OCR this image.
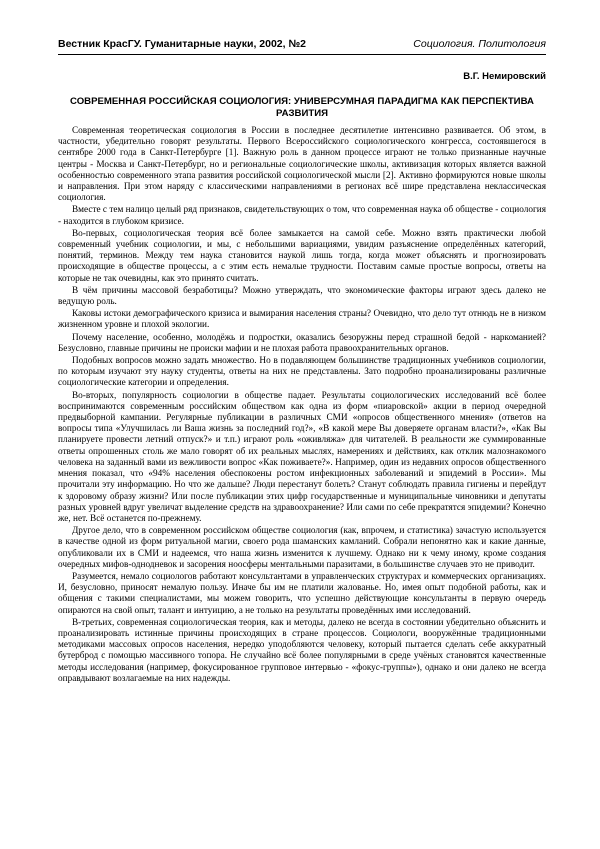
Вестник КрасГУ. Гуманитарные науки, 2002, №2	Социология. Политология
В.Г. Немировский
СОВРЕМЕННАЯ РОССИЙСКАЯ СОЦИОЛОГИЯ: УНИВЕРСУМНАЯ ПАРАДИГМА КАК ПЕРСПЕКТИВА РАЗВИТИЯ

Современная теоретическая социология в России в последнее десятилетие интенсивно развивается. Об этом, в частности, убедительно говорят результаты. Первого Всероссийского социологического конгресса, состоявшегося в сентябре 2000 года в Санкт-Петербурге [1]. Важную роль в данном процессе играют не только признанные научные центры - Москва и Санкт-Петербург, но и региональные социологические школы, активизация которых является важной особенностью современного этапа развития российской социологической мысли [2]. Активно формируются новые школы и направления. При этом наряду с классическими направлениями в регионах всё шире представлена неклассическая социология.

Вместе с тем налицо целый ряд признаков, свидетельствующих о том, что современная наука об обществе - социология - находится в глубоком кризисе.

Во-первых, социологическая теория всё более замыкается на самой себе. Можно взять практически любой современный учебник социологии, и мы, с небольшими вариациями, увидим разъяснение определённых категорий, понятий, терминов. Между тем наука становится наукой лишь тогда, когда может объяснять и прогнозировать происходящие в обществе процессы, а с этим есть немалые трудности. Поставим самые простые вопросы, ответы на которые не так очевидны, как это принято считать.

В чём причины массовой безработицы? Можно утверждать, что экономические факторы играют здесь далеко не ведущую роль.

Каковы истоки демографического кризиса и вымирания населения страны? Очевидно, что дело тут отнюдь не в низком жизненном уровне и плохой экологии.

Почему население, особенно, молодёжь и подростки, оказались безоружны перед страшной бедой - наркоманией? Безусловно, главные причины не происки мафии и не плохая работа правоохранительных органов.

Подобных вопросов можно задать множество. Но в подавляющем большинстве традиционных учебников социологии, по которым изучают эту науку студенты, ответы на них не представлены. Зато подробно проанализированы различные социологические категории и определения.

Во-вторых, популярность социологии в обществе падает. Результаты социологических исследований всё более воспринимаются современным российским обществом как одна из форм «пиаровской» акции в период очередной предвыборной кампании. Регулярные публикации в различных СМИ «опросов общественного мнения» (ответов на вопросы типа «Улучшилась ли Ваша жизнь за последний год?», «В какой мере Вы доверяете органам власти?», «Как Вы планируете провести летний отпуск?» и т.п.) играют роль «оживляжа» для читателей. В реальности же суммированные ответы опрошенных столь же мало говорят об их реальных мыслях, намерениях и действиях, как отклик малознакомого человека на заданный вами из вежливости вопрос «Как поживаете?». Например, один из недавних опросов общественного мнения показал, что «94% населения обеспокоены ростом инфекционных заболеваний и эпидемий в России». Мы прочитали эту информацию. Но что же дальше? Люди перестанут болеть? Станут соблюдать правила гигиены и перейдут к здоровому образу жизни? Или после публикации этих цифр государственные и муниципальные чиновники и депутаты разных уровней вдруг увеличат выделение средств на здравоохранение? Или сами по себе прекратятся эпидемии? Конечно же, нет. Всё останется по-прежнему.

Другое дело, что в современном российском обществе социология (как, впрочем, и статистика) зачастую используется в качестве одной из форм ритуальной магии, своего рода шаманских камланий. Собрали непонятно как и какие данные, опубликовали их в СМИ и надеемся, что наша жизнь изменится к лучшему. Однако ни к чему иному, кроме создания очередных мифов-однодневок и засорения ноосферы ментальными паразитами, в большинстве случаев это не приводит.

Разумеется, немало социологов работают консультантами в управленческих структурах и коммерческих организациях. И, безусловно, приносят немалую пользу. Иначе бы им не платили жалованье. Но, имея опыт подобной работы, как и общения с такими специалистами, мы можем говорить, что успешно действующие консультанты в первую очередь опираются на свой опыт, талант и интуицию, а не только на результаты проведённых ими исследований.

В-третьих, современная социологическая теория, как и методы, далеко не всегда в состоянии убедительно объяснить и проанализировать истинные причины происходящих в стране процессов. Социологи, вооружённые традиционными методиками массовых опросов населения, нередко уподобляются человеку, который пытается сделать себе аккуратный бутерброд с помощью массивного топора. Не случайно всё более популярными в среде учёных становятся качественные методы исследования (например, фокусированное групповое интервью - «фокус-группы»), однако и они далеко не всегда оправдывают возлагаемые на них надежды.
